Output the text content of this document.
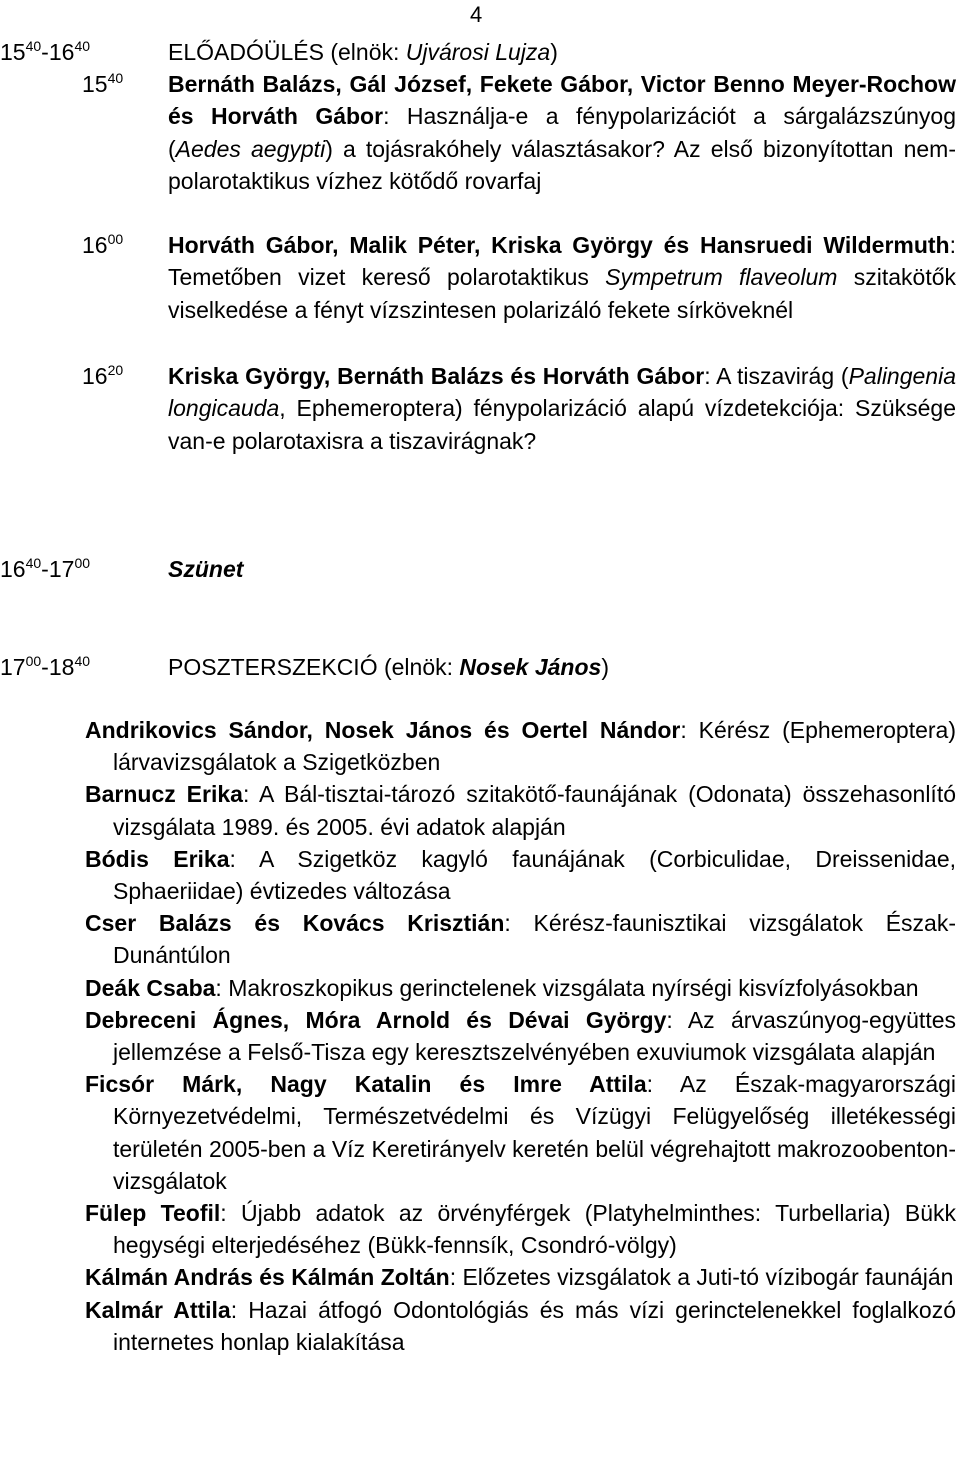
4
$15^{40}-16^{40}$	ELŐADÓÜLÉS (elnök: Ujvárosi Lujza)
$15^{40}$	Bernáth Balázs, Gál József, Fekete Gábor, Victor Benno Meyer-Rochow és Horváth Gábor: Használja-e a fénypolarizációt a sárgalázszúnyog (Aedes aegypti) a tojásrakóhely választásakor? Az első bizonyítottan nem-polarotaktikus vízhez kötődő rovarfaj
$16^{00}$	Horváth Gábor, Malik Péter, Kriska György és Hansruedi Wildermuth: Temetőben vizet kereső polarotaktikus Sympetrum flaveolum szitakötők viselkedése a fényt vízszintesen polarizáló fekete sírköveknél
$16^{20}$	Kriska György, Bernáth Balázs és Horváth Gábor: A tiszavirág (Palingenia longicauda, Ephemeroptera) fénypolarizáció alapú vízdetekciója: Szüksége van-e polarotaxisra a tiszavirágnak?
$16^{40}-17^{00}$	Szünet
$17^{00}-18^{40}$	POSZTERSZEKCIÓ (elnök: Nosek János)
Andrikovics Sándor, Nosek János és Oertel Nándor: Kérész (Ephemeroptera) lárvavizsgálatok a Szigetközben
Barnucz Erika: A Bál-tisztai-tározó szitakötő-faunájának (Odonata) összehasonlító vizsgálata 1989. és 2005. évi adatok alapján
Bódis Erika: A Szigetköz kagyló faunájának (Corbiculidae, Dreissenidae, Sphaeriidae) évtizedes változása
Cser Balázs és Kovács Krisztián: Kérész-faunisztikai vizsgálatok Észak-Dunántúlon
Deák Csaba: Makroszkopikus gerinctelenek vizsgálata nyírségi kisvízfolyásokban
Debreceni Ágnes, Móra Arnold és Dévai György: Az árvaszúnyog-együttes jellemzése a Felső-Tisza egy keresztszelvényében exuviumok vizsgálata alapján
Ficsór Márk, Nagy Katalin és Imre Attila: Az Észak-magyarországi Környezetvédelmi, Természetvédelmi és Vízügyi Felügyelőség illetékességi területén 2005-ben a Víz Keretirányelv keretén belül végrehajtott makrozoobenton-vizsgálatok
Fülep Teofil: Újabb adatok az örvényférgek (Platyhelminthes: Turbellaria) Bükk hegységi elterjedéséhez (Bükk-fennsík, Csondró-völgy)
Kálmán András és Kálmán Zoltán: Előzetes vizsgálatok a Juti-tó vízibogár faunáján
Kalmár Attila: Hazai átfogó Odontológiás és más vízi gerinctelenekkel foglalkozó internetes honlap kialakítása
